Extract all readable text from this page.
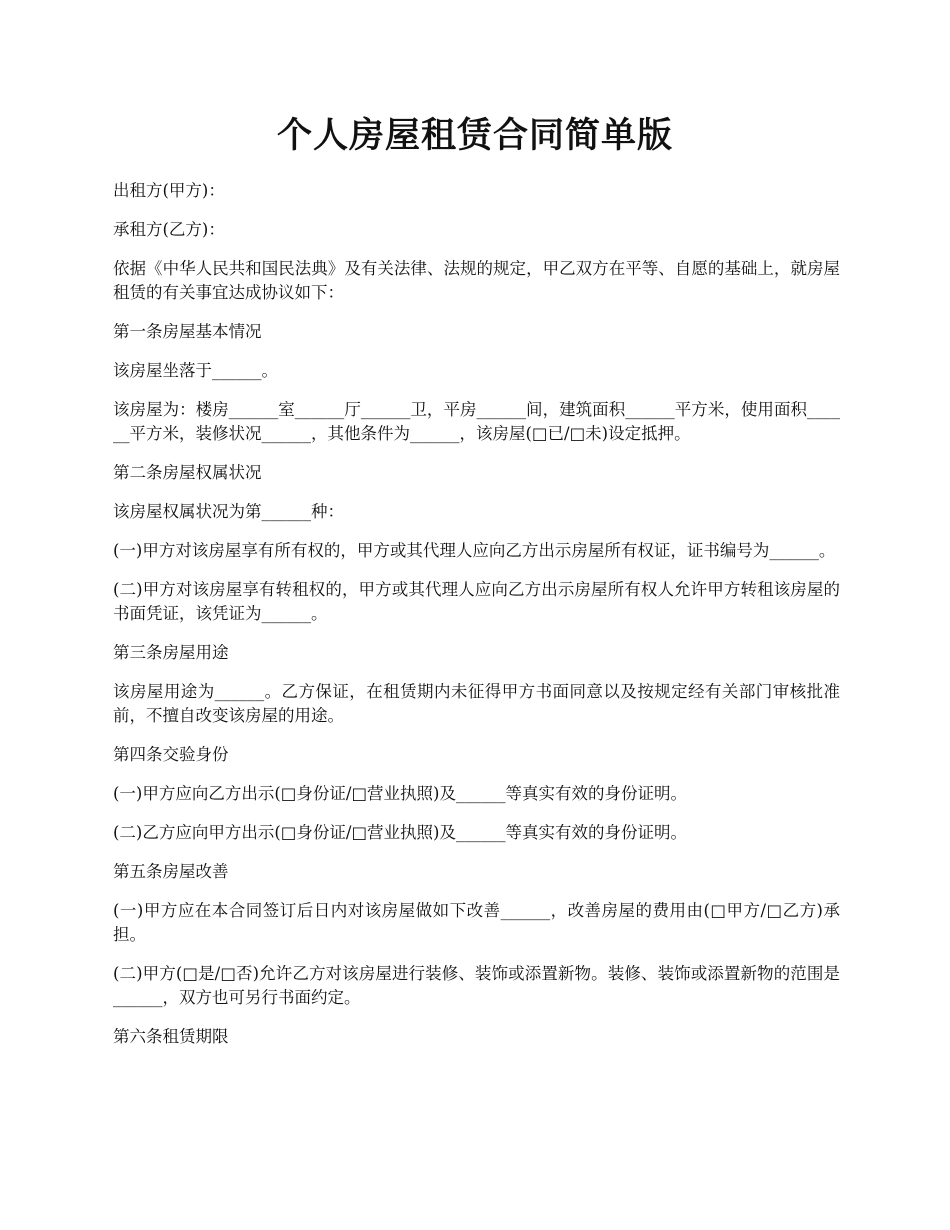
个人房屋租赁合同简单版

出租方(甲方)：

承租方(乙方)：

依据《中华人民共和国民法典》及有关法律、法规的规定，甲乙双方在平等、自愿的基础上，就房屋租赁的有关事宜达成协议如下：

第一条房屋基本情况

该房屋坐落于______。

该房屋为：楼房______室______厅______卫，平房______间，建筑面积______平方米，使用面积______平方米，装修状况______，其他条件为______，该房屋(□已/□未)设定抵押。

第二条房屋权属状况

该房屋权属状况为第______种：

(一)甲方对该房屋享有所有权的，甲方或其代理人应向乙方出示房屋所有权证，证书编号为______。

(二)甲方对该房屋享有转租权的，甲方或其代理人应向乙方出示房屋所有权人允许甲方转租该房屋的书面凭证，该凭证为______。

第三条房屋用途

该房屋用途为______。乙方保证，在租赁期内未征得甲方书面同意以及按规定经有关部门审核批准前，不擅自改变该房屋的用途。

第四条交验身份

(一)甲方应向乙方出示(□身份证/□营业执照)及______等真实有效的身份证明。

(二)乙方应向甲方出示(□身份证/□营业执照)及______等真实有效的身份证明。

第五条房屋改善

(一)甲方应在本合同签订后日内对该房屋做如下改善______，改善房屋的费用由(□甲方/□乙方)承担。

(二)甲方(□是/□否)允许乙方对该房屋进行装修、装饰或添置新物。装修、装饰或添置新物的范围是______，双方也可另行书面约定。

第六条租赁期限
